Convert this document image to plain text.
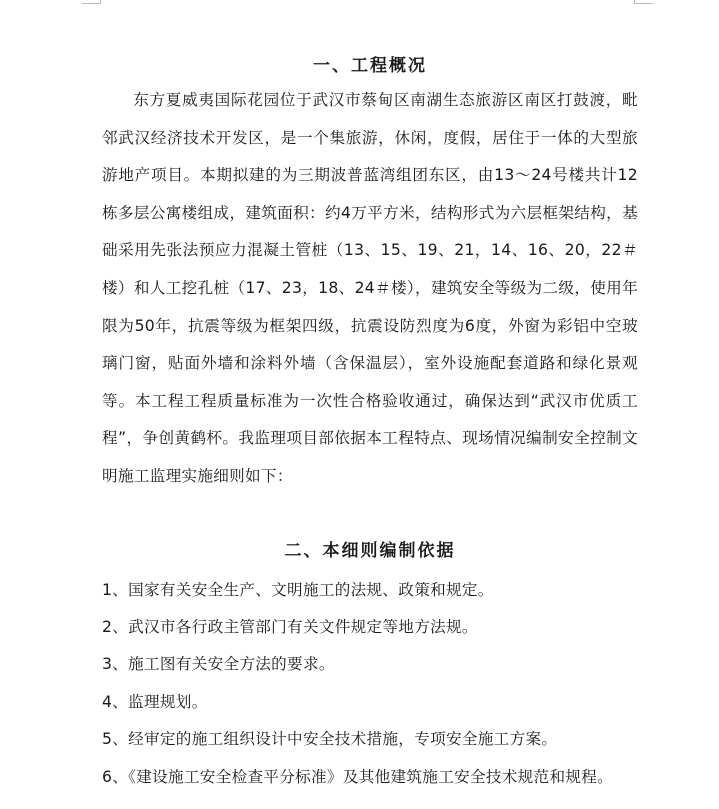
一、工程概况

东方夏威夷国际花园位于武汉市蔡甸区南湖生态旅游区南区打鼓渡，毗邻武汉经济技术开发区，是一个集旅游，休闲，度假，居住于一体的大型旅游地产项目。本期拟建的为三期波普蓝湾组团东区，由13～24号楼共计12栋多层公寓楼组成，建筑面积：约4万平方米，结构形式为六层框架结构，基础采用先张法预应力混凝土管桩（13、15、19、21，14、16、20，22＃楼）和人工挖孔桩（17、23，18、24＃楼），建筑安全等级为二级，使用年限为50年，抗震等级为框架四级，抗震设防烈度为6度，外窗为彩铝中空玻璃门窗，贴面外墙和涂料外墙（含保温层），室外设施配套道路和绿化景观等。本工程工程质量标准为一次性合格验收通过，确保达到“武汉市优质工程”，争创黄鹤杯。我监理项目部依据本工程特点、现场情况编制安全控制文明施工监理实施细则如下：

二、本细则编制依据
1、国家有关安全生产、文明施工的法规、政策和规定。
2、武汉市各行政主管部门有关文件规定等地方法规。
3、施工图有关安全方法的要求。
4、监理规划。
5、经审定的施工组织设计中安全技术措施，专项安全施工方案。
6、《建设施工安全检查平分标准》及其他建筑施工安全技术规范和规程。
